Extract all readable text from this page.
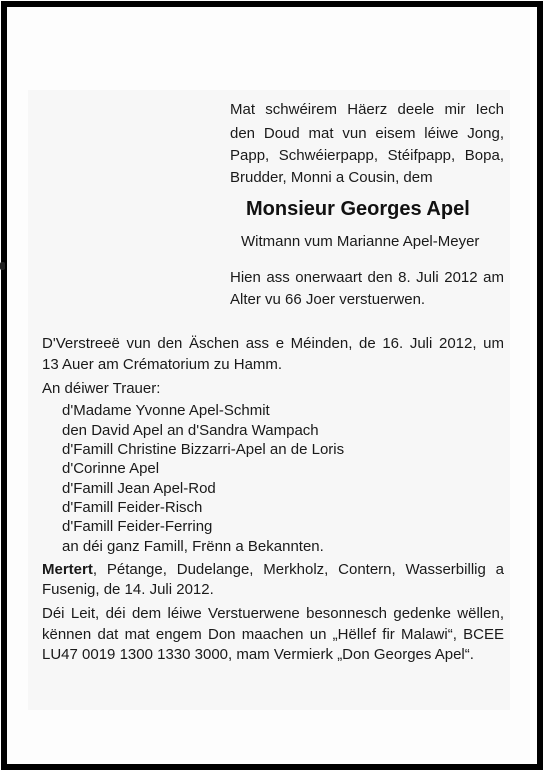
Mat schwéirem Häerz deele mir Iech
den Doud mat vun eisem léiwe Jong,
Papp, Schwéierpapp, Stéifpapp, Bopa,
Brudder, Monni a Cousin, dem
Monsieur Georges Apel
Witmann vum Marianne Apel-Meyer
Hien ass onerwaart den 8. Juli 2012 am
Alter vu 66 Joer verstuerwen.
D'Verstreeë vun den Äschen ass e Méinden, de 16. Juli 2012, um
13 Auer am Crématorium zu Hamm.
An déiwer Trauer:
d'Madame Yvonne Apel-Schmit
den David Apel an d'Sandra Wampach
d'Famill Christine Bizzarri-Apel an de Loris
d'Corinne Apel
d'Famill Jean Apel-Rod
d'Famill Feider-Risch
d'Famill Feider-Ferring
an déi ganz Famill, Frënn a Bekannten.
Mertert, Pétange, Dudelange, Merkholz, Contern, Wasserbillig a
Fusenig, de 14. Juli 2012.
Déi Leit, déi dem léiwe Verstuerwene besonnesch gedenke wëllen,
kënnen dat mat engem Don maachen un „Hëllef fir Malawi“, BCEE
LU47 0019 1300 1330 3000, mam Vermierk „Don Georges Apel“.
